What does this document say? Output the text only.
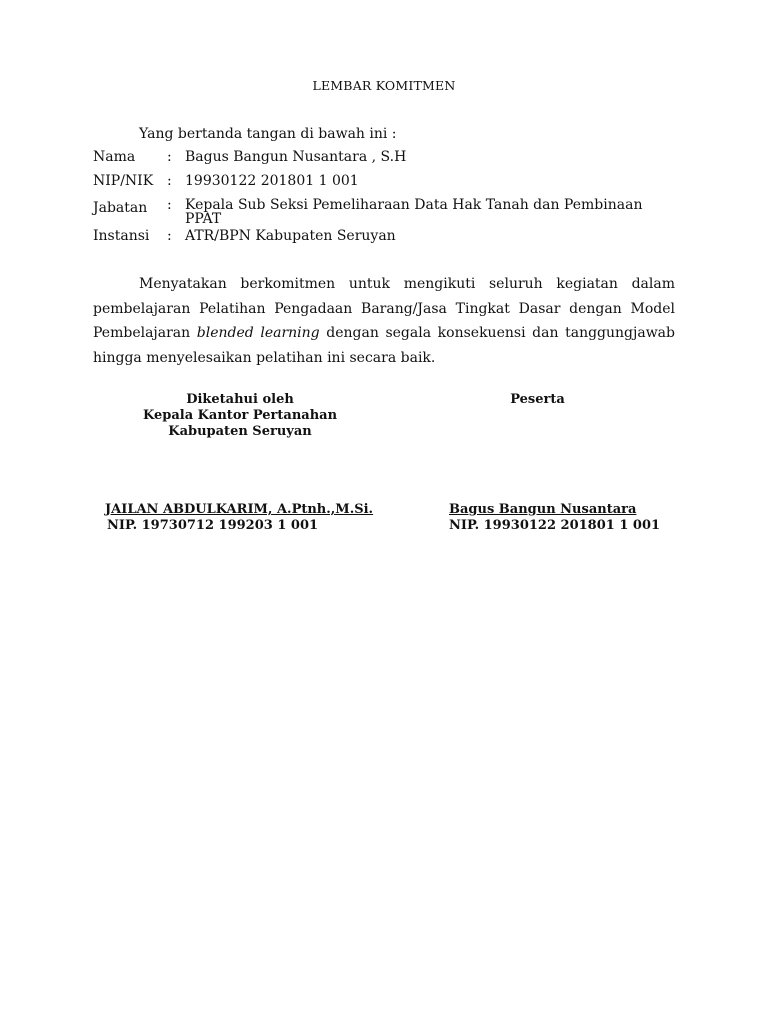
LEMBAR KOMITMEN
Yang bertanda tangan di bawah ini :
Nama : Bagus Bangun Nusantara , S.H
NIP/NIK : 19930122 201801 1 001
Jabatan : Kepala Sub Seksi Pemeliharaan Data Hak Tanah dan Pembinaan
PPAT
Instansi : ATR/BPN Kabupaten Seruyan
Menyatakan berkomitmen untuk mengikuti seluruh kegiatan dalam
pembelajaran Pelatihan Pengadaan Barang/Jasa Tingkat Dasar dengan Model
Pembelajaran blended learning dengan segala konsekuensi dan tanggungjawab
hingga menyelesaikan pelatihan ini secara baik.
Diketahui oleh
Kepala Kantor Pertanahan
Kabupaten Seruyan
Peserta
JAILAN ABDULKARIM, A.Ptnh.,M.Si.
NIP. 19730712 199203 1 001
Bagus Bangun Nusantara
NIP. 19930122 201801 1 001
